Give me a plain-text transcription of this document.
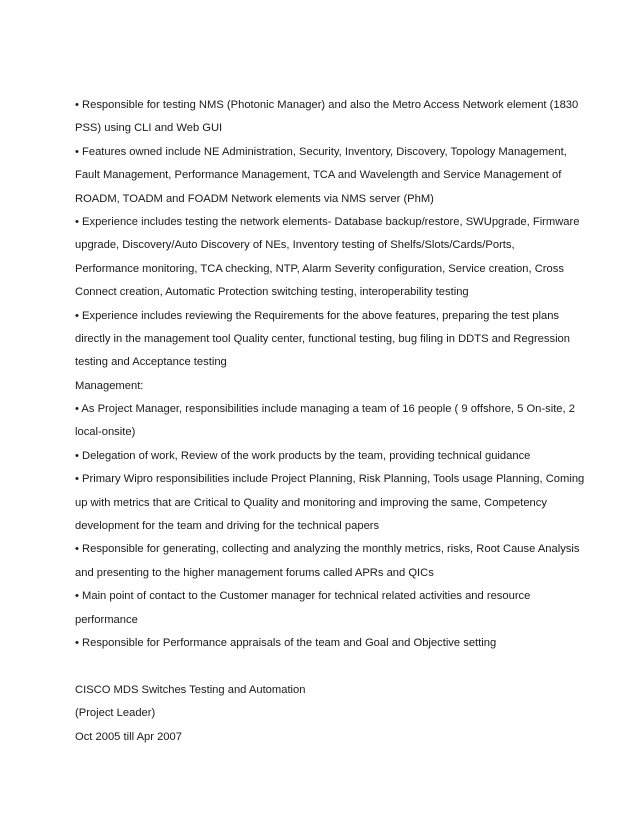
• Responsible for testing NMS (Photonic Manager) and also the Metro Access Network element (1830
PSS) using CLI and Web GUI
• Features owned include NE Administration, Security, Inventory, Discovery, Topology Management,
Fault Management, Performance Management, TCA and Wavelength and Service Management of
ROADM, TOADM and FOADM Network elements via NMS server (PhM)
• Experience includes testing the network elements- Database backup/restore, SWUpgrade, Firmware
upgrade, Discovery/Auto Discovery of NEs, Inventory testing of Shelfs/Slots/Cards/Ports,
Performance monitoring, TCA checking, NTP, Alarm Severity configuration, Service creation, Cross
Connect creation, Automatic Protection switching testing, interoperability testing
• Experience includes reviewing the Requirements for the above features, preparing the test plans
directly in the management tool Quality center, functional testing, bug filing in DDTS and Regression
testing and Acceptance testing
Management:
• As Project Manager, responsibilities include managing a team of 16 people ( 9 offshore, 5 On-site, 2
local-onsite)
• Delegation of work, Review of the work products by the team, providing technical guidance
• Primary Wipro responsibilities include Project Planning, Risk Planning, Tools usage Planning, Coming
up with metrics that are Critical to Quality and monitoring and improving the same, Competency
development for the team and driving for the technical papers
• Responsible for generating, collecting and analyzing the monthly metrics, risks, Root Cause Analysis
and presenting to the higher management forums called APRs and QICs
• Main point of contact to the Customer manager for technical related activities and resource
performance
• Responsible for Performance appraisals of the team and Goal and Objective setting
CISCO MDS Switches Testing and Automation
(Project Leader)
Oct 2005 till Apr 2007
